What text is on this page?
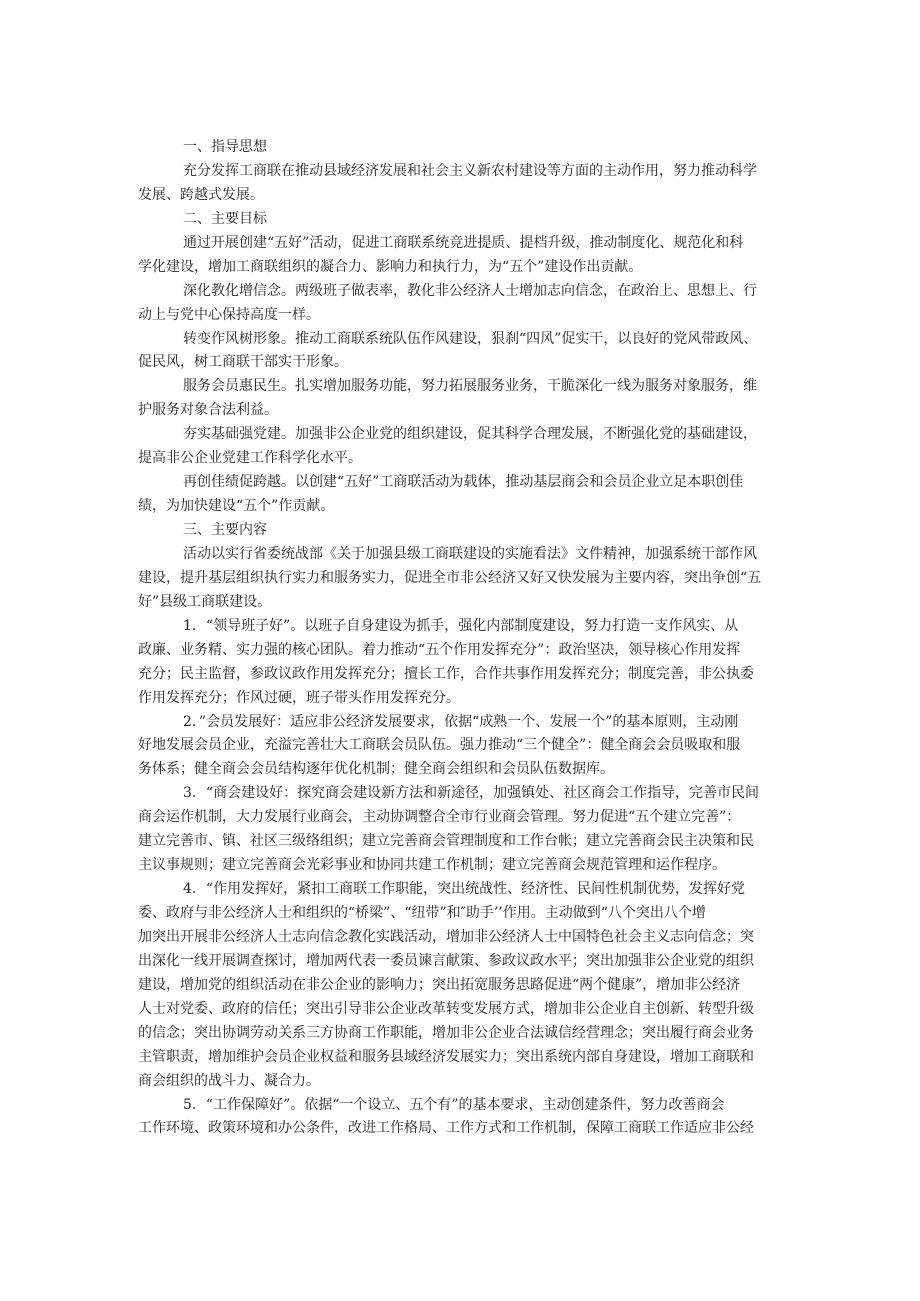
一、指导思想
充分发挥工商联在推动县域经济发展和社会主义新农村建设等方面的主动作用，努力推动科学
发展、跨越式发展。
二、主要目标
通过开展创建“五好”活动，促进工商联系统竞进提质、提档升级，推动制度化、规范化和科
学化建设，增加工商联组织的凝合力、影响力和执行力，为“五个”建设作出贡献。
深化教化增信念。两级班子做表率，教化非公经济人士增加志向信念，在政治上、思想上、行
动上与党中心保持高度一样。
转变作风树形象。推动工商联系统队伍作风建设，狠刹“四风”促实干，以良好的党风带政风、
促民风，树工商联干部实干形象。
服务会员惠民生。扎实增加服务功能，努力拓展服务业务，干脆深化一线为服务对象服务，维
护服务对象合法利益。
夯实基础强党建。加强非公企业党的组织建设，促其科学合理发展，不断强化党的基础建设，
提高非公企业党建工作科学化水平。
再创佳绩促跨越。以创建“五好”工商联活动为载体，推动基层商会和会员企业立足本职创佳
绩，为加快建设“五个”作贡献。
三、主要内容
活动以实行省委统战部《关于加强县级工商联建设的实施看法》文件精神，加强系统干部作风
建设，提升基层组织执行实力和服务实力，促进全市非公经济又好又快发展为主要内容，突出争创“五
好”县级工商联建设。
1．“领导班子好”。以班子自身建设为抓手，强化内部制度建设，努力打造一支作风实、从
政廉、业务精、实力强的核心团队。着力推动“五个作用发挥充分”：政治坚决，领导核心作用发挥
充分；民主监督，参政议政作用发挥充分；擅长工作，合作共事作用发挥充分；制度完善，非公执委
作用发挥充分；作风过硬，班子带头作用发挥充分。
2．”会员发展好：适应非公经济发展要求，依据“成熟一个、发展一个”的基本原则，主动刚
好地发展会员企业，充溢完善壮大工商联会员队伍。强力推动“三个健全”：健全商会会员吸取和服
务体系；健全商会会员结构逐年优化机制；健全商会组织和会员队伍数据库。
3．“商会建设好：探究商会建设新方法和新途径，加强镇处、社区商会工作指导，完善市民间
商会运作机制，大力发展行业商会，主动协调整合全市行业商会管理。努力促进“五个建立完善”：
建立完善市、镇、社区三级络组织；建立完善商会管理制度和工作台帐；建立完善商会民主决策和民
主议事规则；建立完善商会光彩事业和协同共建工作机制；建立完善商会规范管理和运作程序。
4．“作用发挥好，紧扣工商联工作职能，突出统战性、经济性、民间性机制优势，发挥好党
委、政府与非公经济人士和组织的“桥梁”、“纽带”和″助手’’作用。主动做到“八个突出八个增
加突出开展非公经济人士志向信念教化实践活动，增加非公经济人士中国特色社会主义志向信念；突
出深化一线开展调查探讨，增加两代表一委员谏言献策、参政议政水平；突出加强非公企业党的组织
建设，增加党的组织活动在非公企业的影响力；突出拓宽服务思路促进“两个健康”，增加非公经济
人士对党委、政府的信任；突出引导非公企业改革转变发展方式，增加非公企业自主创新、转型升级
的信念；突出协调劳动关系三方协商工作职能，增加非公企业合法诚信经营理念；突出履行商会业务
主管职责，增加维护会员企业权益和服务县域经济发展实力；突出系统内部自身建设，增加工商联和
商会组织的战斗力、凝合力。
5．“工作保障好”。依据“一个设立、五个有”的基本要求，主动创建条件，努力改善商会
工作环境、政策环境和办公条件，改进工作格局、工作方式和工作机制，保障工商联工作适应非公经
